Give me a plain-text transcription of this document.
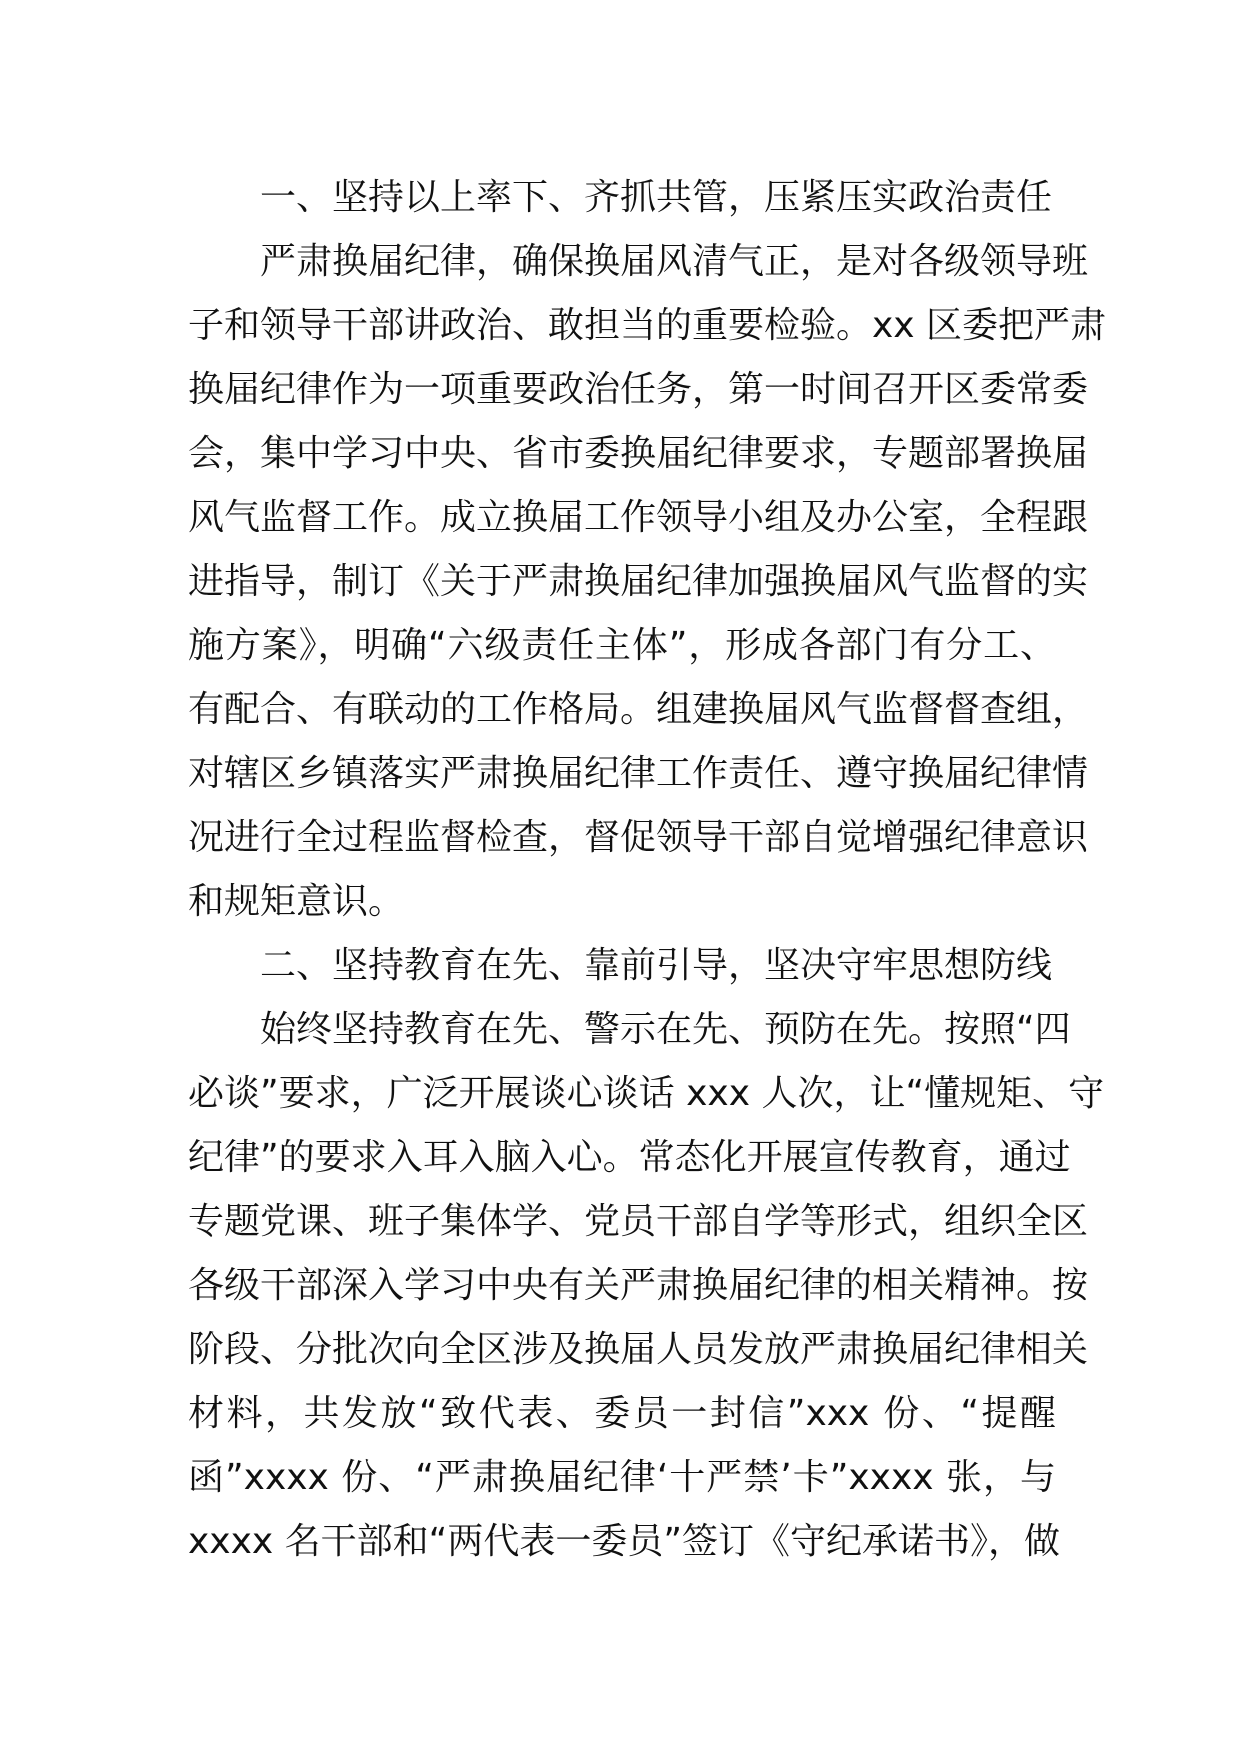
一、坚持以上率下、齐抓共管，压紧压实政治责任
严肃换届纪律，确保换届风清气正，是对各级领导班
子和领导干部讲政治、敢担当的重要检验。xx 区委把严肃
换届纪律作为一项重要政治任务，第一时间召开区委常委
会，集中学习中央、省市委换届纪律要求，专题部署换届
风气监督工作。成立换届工作领导小组及办公室，全程跟
进指导，制订《关于严肃换届纪律加强换届风气监督的实
施方案》，明确“六级责任主体”，形成各部门有分工、
有配合、有联动的工作格局。组建换届风气监督督查组，
对辖区乡镇落实严肃换届纪律工作责任、遵守换届纪律情
况进行全过程监督检查，督促领导干部自觉增强纪律意识
和规矩意识。
二、坚持教育在先、靠前引导，坚决守牢思想防线
始终坚持教育在先、警示在先、预防在先。按照“四
必谈”要求，广泛开展谈心谈话 xxx 人次，让“懂规矩、守
纪律”的要求入耳入脑入心。常态化开展宣传教育，通过
专题党课、班子集体学、党员干部自学等形式，组织全区
各级干部深入学习中央有关严肃换届纪律的相关精神。按
阶段、分批次向全区涉及换届人员发放严肃换届纪律相关
材料，共发放“致代表、委员一封信”xxx 份、“提醒
函”xxxx 份、“严肃换届纪律‘十严禁’卡”xxxx 张，与
xxxx 名干部和“两代表一委员”签订《守纪承诺书》，做
